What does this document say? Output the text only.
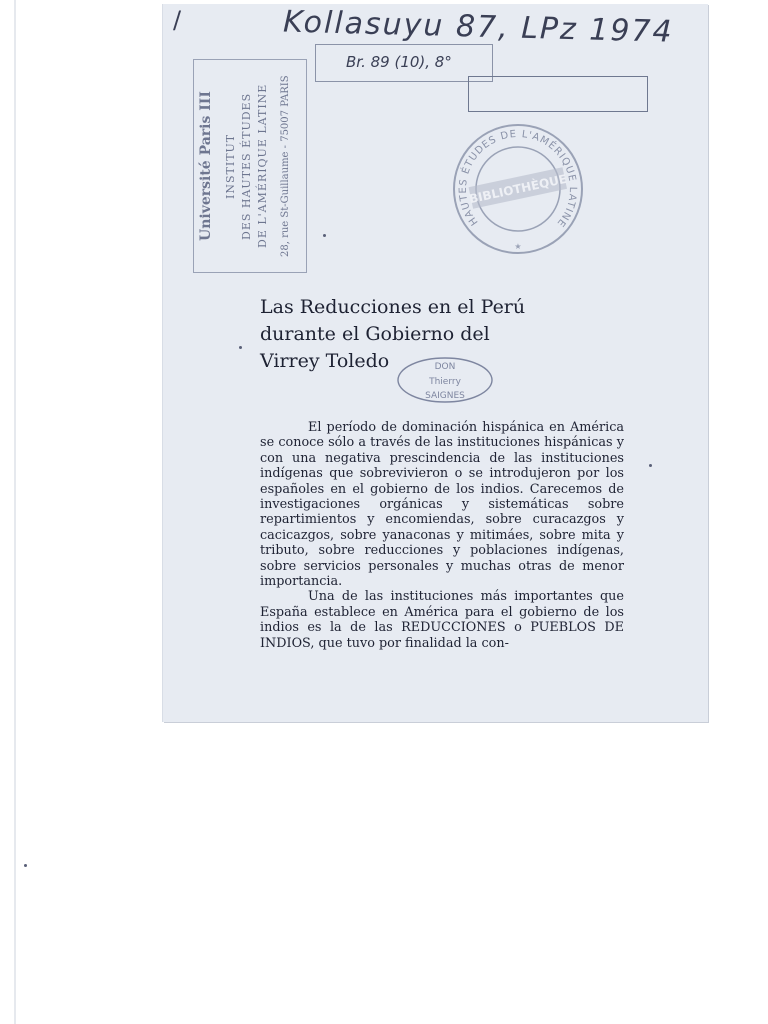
/	Kollasuyu 87, LPz 1974
Br. 89 (10), 8°
Université Paris III INSTITUT DES HAUTES ÉTUDES DE L'AMÉRIQUE LATINE 28, rue St-Guillaume - 75007 PARIS	HAUTES ÉTUDES DE L'AMÉRIQUE LATINE
BIBLIOTHÈQUE
★
Las Reducciones en el Perú
durante el Gobierno del
Virrey Toledo	DON
Thierry
SAIGNES

El período de dominación hispánica en América se conoce sólo a través de las instituciones hispánicas y con una negativa prescindencia de las instituciones indígenas que sobrevivieron o se introdujeron por los españoles en el gobierno de los indios. Carecemos de investigaciones orgánicas y sistemáticas sobre repartimientos y encomiendas, sobre curacazgos y cacicazgos, sobre yanaconas y mitimáes, sobre mita y tributo, sobre reducciones y poblaciones indígenas, sobre servicios personales y muchas otras de menor importancia.

Una de las instituciones más importantes que España establece en América para el gobierno de los indios es la de las REDUCCIONES o PUEBLOS DE INDIOS, que tuvo por finalidad la con-
